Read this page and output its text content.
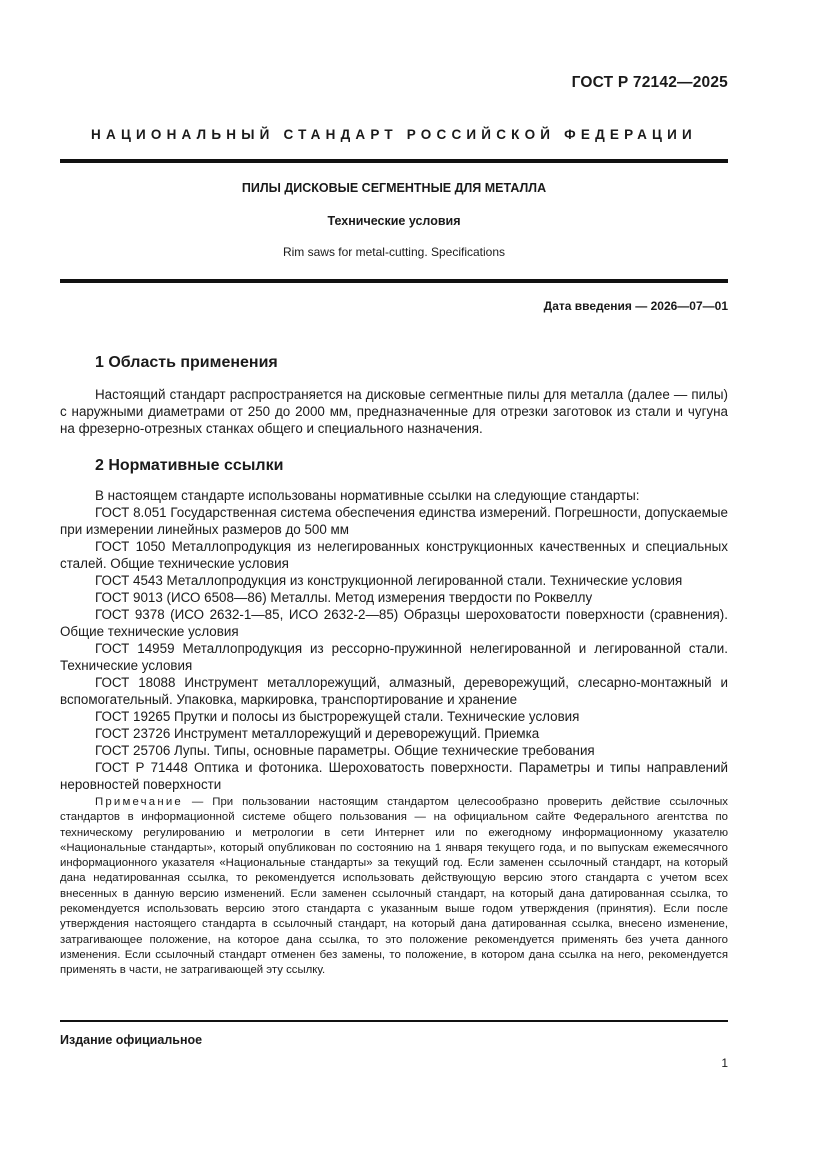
ГОСТ Р 72142—2025
НАЦИОНАЛЬНЫЙ СТАНДАРТ РОССИЙСКОЙ ФЕДЕРАЦИИ
ПИЛЫ ДИСКОВЫЕ СЕГМЕНТНЫЕ ДЛЯ МЕТАЛЛА
Технические условия
Rim saws for metal-cutting. Specifications
Дата введения — 2026—07—01
1 Область применения

Настоящий стандарт распространяется на дисковые сегментные пилы для металла (далее — пилы) с наружными диаметрами от 250 до 2000 мм, предназначенные для отрезки заготовок из стали и чугуна на фрезерно-отрезных станках общего и специального назначения.

2 Нормативные ссылки

В настоящем стандарте использованы нормативные ссылки на следующие стандарты:

ГОСТ 8.051 Государственная система обеспечения единства измерений. Погрешности, допускаемые при измерении линейных размеров до 500 мм

ГОСТ 1050 Металлопродукция из нелегированных конструкционных качественных и специальных сталей. Общие технические условия

ГОСТ 4543 Металлопродукция из конструкционной легированной стали. Технические условия

ГОСТ 9013 (ИСО 6508—86) Металлы. Метод измерения твердости по Роквеллу

ГОСТ 9378 (ИСО 2632-1—85, ИСО 2632-2—85) Образцы шероховатости поверхности (сравнения). Общие технические условия

ГОСТ 14959 Металлопродукция из рессорно-пружинной нелегированной и легированной стали. Технические условия

ГОСТ 18088 Инструмент металлорежущий, алмазный, дереворежущий, слесарно-монтажный и вспомогательный. Упаковка, маркировка, транспортирование и хранение

ГОСТ 19265 Прутки и полосы из быстрорежущей стали. Технические условия

ГОСТ 23726 Инструмент металлорежущий и дереворежущий. Приемка

ГОСТ 25706 Лупы. Типы, основные параметры. Общие технические требования

ГОСТ Р 71448 Оптика и фотоника. Шероховатость поверхности. Параметры и типы направлений неровностей поверхности

Примечание — При пользовании настоящим стандартом целесообразно проверить действие ссылочных стандартов в информационной системе общего пользования — на официальном сайте Федерального агентства по техническому регулированию и метрологии в сети Интернет или по ежегодному информационному указателю «Национальные стандарты», который опубликован по состоянию на 1 января текущего года, и по выпускам ежемесячного информационного указателя «Национальные стандарты» за текущий год. Если заменен ссылочный стандарт, на который дана недатированная ссылка, то рекомендуется использовать действующую версию этого стандарта с учетом всех внесенных в данную версию изменений. Если заменен ссылочный стандарт, на который дана датированная ссылка, то рекомендуется использовать версию этого стандарта с указанным выше годом утверждения (принятия). Если после утверждения настоящего стандарта в ссылочный стандарт, на который дана датированная ссылка, внесено изменение, затрагивающее положение, на которое дана ссылка, то это положение рекомендуется применять без учета данного изменения. Если ссылочный стандарт отменен без замены, то положение, в котором дана ссылка на него, рекомендуется применять в части, не затрагивающей эту ссылку.

Издание официальное
1
